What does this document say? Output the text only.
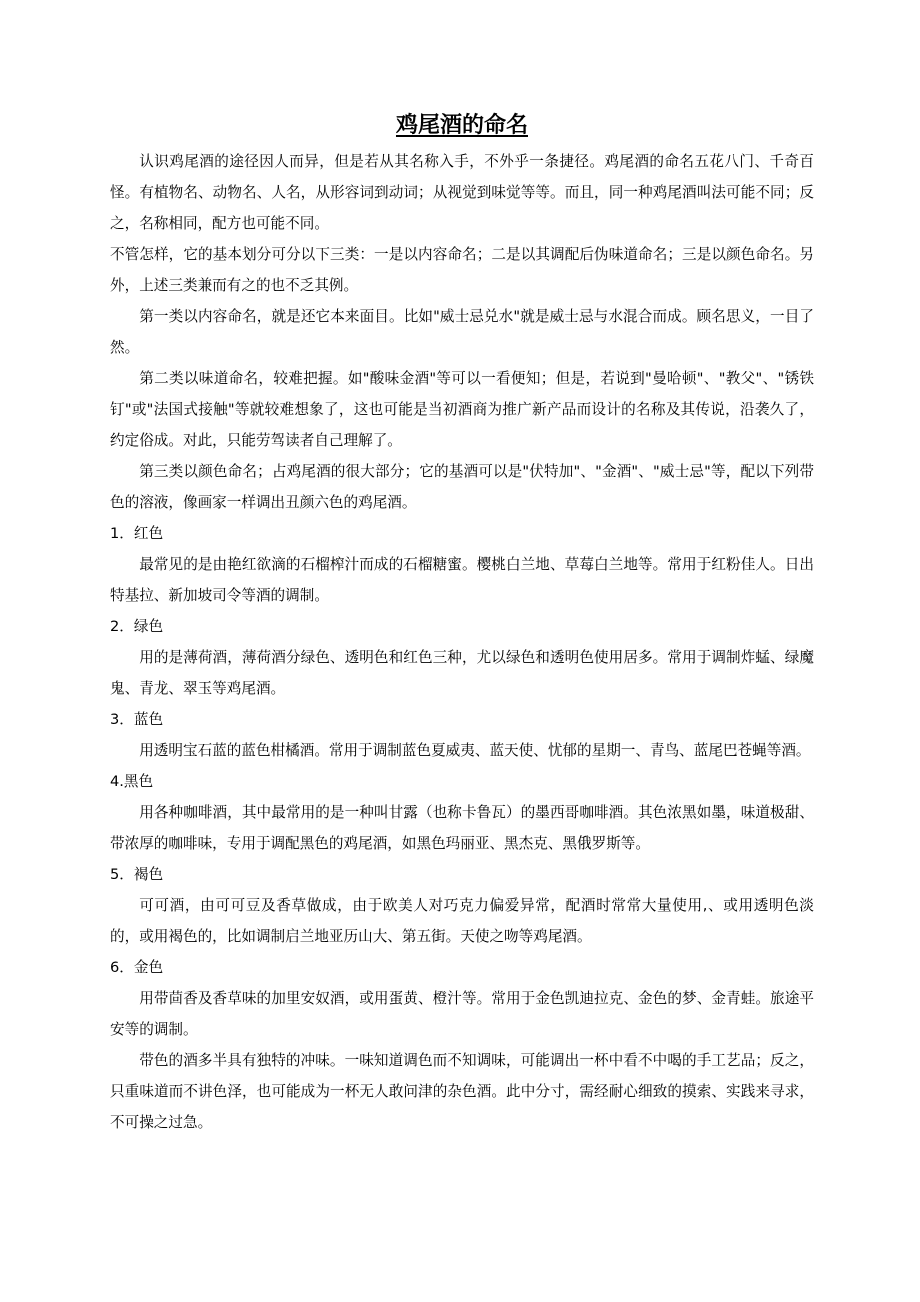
鸡尾酒的命名

认识鸡尾酒的途径因人而异，但是若从其名称入手，不外乎一条捷径。鸡尾酒的命名五花八门、千奇百怪。有植物名、动物名、人名，从形容词到动词；从视觉到味觉等等。而且，同一种鸡尾酒叫法可能不同；反之，名称相同，配方也可能不同。

不管怎样，它的基本划分可分以下三类：一是以内容命名；二是以其调配后伪味道命名；三是以颜色命名。另外，上述三类兼而有之的也不乏其例。

第一类以内容命名，就是还它本来面目。比如"威士忌兑水"就是威士忌与水混合而成。顾名思义，一目了然。

第二类以味道命名，较难把握。如"酸味金酒"等可以一看便知；但是，若说到"曼哈顿"、"教父"、"锈铁钉"或"法国式接触"等就较难想象了，这也可能是当初酒商为推广新产品而设计的名称及其传说，沿袭久了，约定俗成。对此，只能劳驾读者自己理解了。

第三类以颜色命名；占鸡尾酒的很大部分；它的基酒可以是"伏特加"、"金酒"、"威士忌"等，配以下列带色的溶液，像画家一样调出丑颜六色的鸡尾酒。

1．红色

最常见的是由艳红欲滴的石榴榨汁而成的石榴糖蜜。樱桃白兰地、草莓白兰地等。常用于红粉佳人。日出特基拉、新加坡司令等酒的调制。

2．绿色

用的是薄荷酒，薄荷酒分绿色、透明色和红色三种，尤以绿色和透明色使用居多。常用于调制炸蜢、绿魔鬼、青龙、翠玉等鸡尾酒。

3．蓝色

用透明宝石蓝的蓝色柑橘酒。常用于调制蓝色夏威夷、蓝天使、忧郁的星期一、青鸟、蓝尾巴苍蝇等酒。

4.黑色

用各种咖啡酒，其中最常用的是一种叫甘露（也称卡鲁瓦）的墨西哥咖啡酒。其色浓黑如墨，味道极甜、带浓厚的咖啡味，专用于调配黑色的鸡尾酒，如黑色玛丽亚、黑杰克、黑俄罗斯等。

5．褐色

可可酒，由可可豆及香草做成，由于欧美人对巧克力偏爱异常，配酒时常常大量使用,、或用透明色淡的，或用褐色的，比如调制启兰地亚历山大、第五街。天使之吻等鸡尾酒。

6．金色

用带茴香及香草味的加里安奴酒，或用蛋黄、橙汁等。常用于金色凯迪拉克、金色的梦、金青蛙。旅途平安等的调制。

带色的酒多半具有独特的冲味。一味知道调色而不知调味，可能调出一杯中看不中喝的手工艺品；反之，只重味道而不讲色泽，也可能成为一杯无人敢问津的杂色酒。此中分寸，需经耐心细致的摸索、实践来寻求，不可操之过急。
